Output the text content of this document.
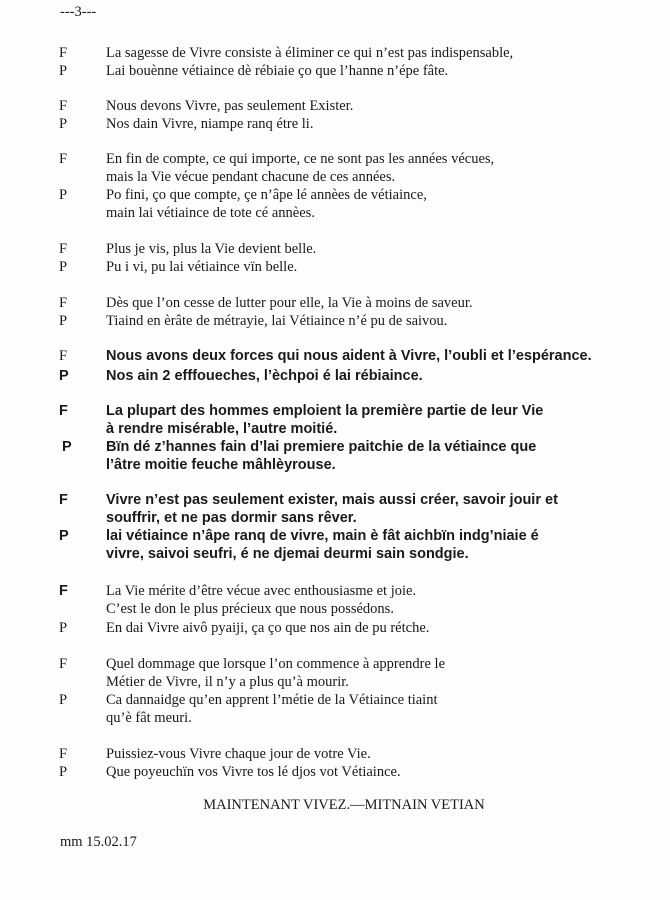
---3---
F	La sagesse de Vivre consiste à éliminer ce qui n’est pas indispensable,
P	Lai bouènne vétiaince dè rébiaie ço que l’hanne n’épe fâte.
F	Nous devons Vivre, pas seulement Exister.
P	Nos dain Vivre, niampe ranq étre li.
F	En fin de compte, ce qui importe, ce ne sont pas les années vécues,
mais la Vie vécue pendant chacune de ces années.
P	Po fini, ço que compte, çe n’âpe lé annèes de vétiaince,
main lai vétiaince de tote cé annèes.
F	Plus je vis, plus la Vie devient belle.
P	Pu i vi, pu lai vétiaince vïn belle.
F	Dès que l’on cesse de lutter pour elle, la Vie à moins de saveur.
P	Tiaind en èrâte de métrayie, lai Vétiaince n’é pu de saivou.
F	Nous avons deux forces qui nous aident à Vivre, l’oubli et l’espérance.
P	Nos ain 2 efffoueches, l’èchpoi é lai rébiaince.
F	La plupart des hommes emploient la première partie de leur Vie
à rendre misérable, l’autre moitié.
P Bïn dé z’hannes fain d’lai premiere paitchie de la vétiaince que
l’âtre moitie feuche mâhlèyrouse.
F	Vivre n’est pas seulement exister, mais aussi créer, savoir jouir et
souffrir, et ne pas dormir sans rêver.
P	lai vétiaince n’âpe ranq de vivre, main è fât aichbïn indg’niaie é
vivre, saivoi seufri, é ne djemai deurmi sain sondgie.
F	La Vie mérite d’être vécue avec enthousiasme et joie.
C’est le don le plus précieux que nous possédons.
P	En dai Vivre aivô pyaiji, ça ço que nos ain de pu rétche.
F	Quel dommage que lorsque l’on commence à apprendre le
Métier de Vivre, il n’y a plus qu’à mourir.
P	Ca dannaidge qu’en apprent l’métie de la Vétiaince tiaint
qu’è fât meuri.
F	Puissiez-vous Vivre chaque jour de votre Vie.
P	Que poyeuchïn vos Vivre tos lé djos vot Vétiaince.
MAINTENANT VIVEZ.—MITNAIN VETIAN
mm 15.02.17
